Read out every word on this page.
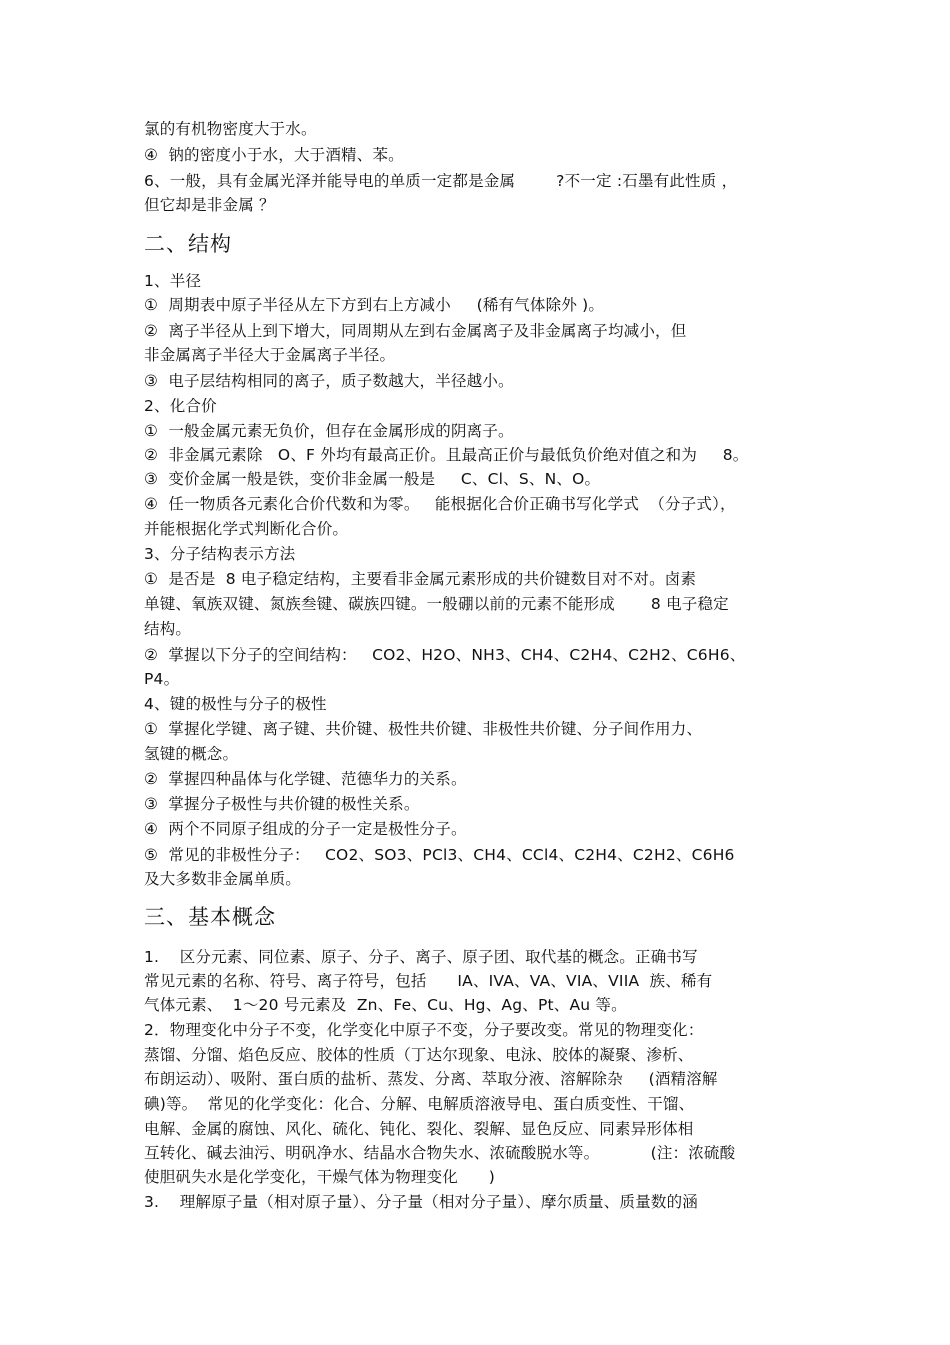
氯的有机物密度大于水。
④  钠的密度小于水，大于酒精、苯。
6、一般，具有金属光泽并能导电的单质一定都是金属        ?不一定 :石墨有此性质 ，
但它却是非金属 ？
二、结构
1、半径
①  周期表中原子半径从左下方到右上方减小     (稀有气体除外 )。
②  离子半径从上到下增大，同周期从左到右金属离子及非金属离子均减小，但
非金属离子半径大于金属离子半径。
③  电子层结构相同的离子，质子数越大，半径越小。
2、化合价
①  一般金属元素无负价，但存在金属形成的阴离子。
②  非金属元素除   O、F 外均有最高正价。且最高正价与最低负价绝对值之和为     8。
③  变价金属一般是铁，变价非金属一般是     C、Cl、S、N、O。
④  任一物质各元素化合价代数和为零。   能根据化合价正确书写化学式  （分子式），
并能根据化学式判断化合价。
3、分子结构表示方法
①  是否是  8 电子稳定结构，主要看非金属元素形成的共价键数目对不对。卤素
单键、氧族双键、氮族叁键、碳族四键。一般硼以前的元素不能形成       8 电子稳定
结构。
②  掌握以下分子的空间结构：   CO2、H2O、NH3、CH4、C2H4、C2H2、C6H6、
P4。
4、键的极性与分子的极性
①  掌握化学键、离子键、共价键、极性共价键、非极性共价键、分子间作用力、
氢键的概念。
②  掌握四种晶体与化学键、范德华力的关系。
③  掌握分子极性与共价键的极性关系。
④  两个不同原子组成的分子一定是极性分子。
⑤  常见的非极性分子：   CO2、SO3、PCl3、CH4、CCl4、C2H4、C2H2、C6H6
及大多数非金属单质。
三、基本概念
1.    区分元素、同位素、原子、分子、离子、原子团、取代基的概念。正确书写
常见元素的名称、符号、离子符号，包括      IA、IVA、VA、VIA、VIIA  族、稀有
气体元素、  1～20 号元素及  Zn、Fe、Cu、Hg、Ag、Pt、Au 等。
2．物理变化中分子不变，化学变化中原子不变，分子要改变。常见的物理变化：
蒸馏、分馏、焰色反应、胶体的性质（丁达尔现象、电泳、胶体的凝聚、渗析、
布朗运动）、吸附、蛋白质的盐析、蒸发、分离、萃取分液、溶解除杂     (酒精溶解
碘)等。  常见的化学变化：化合、分解、电解质溶液导电、蛋白质变性、干馏、
电解、金属的腐蚀、风化、硫化、钝化、裂化、裂解、显色反应、同素异形体相
互转化、碱去油污、明矾净水、结晶水合物失水、浓硫酸脱水等。          (注：浓硫酸
使胆矾失水是化学变化，干燥气体为物理变化      )
3.    理解原子量（相对原子量）、分子量（相对分子量）、摩尔质量、质量数的涵
